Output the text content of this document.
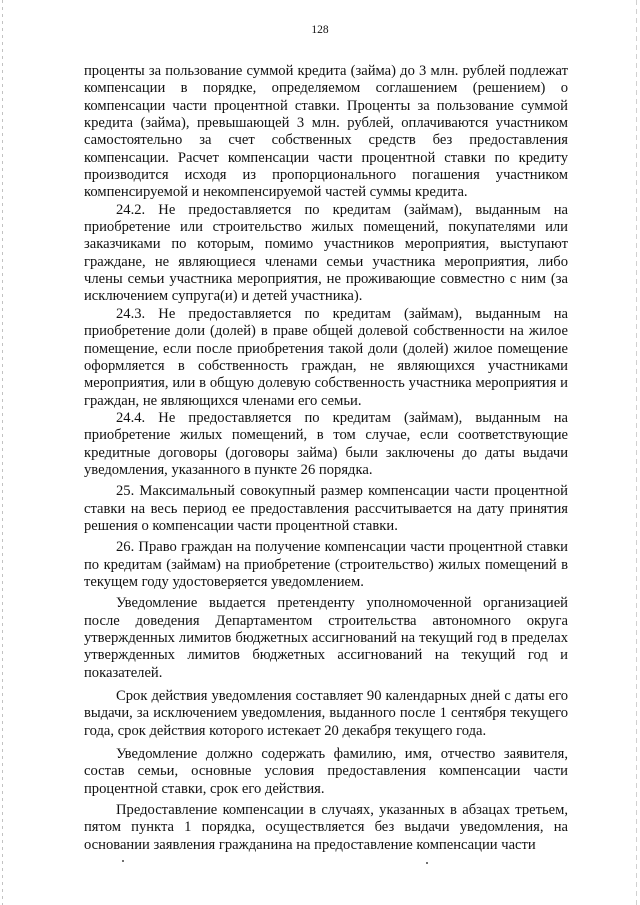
128

проценты за пользование суммой кредита (займа) до 3 млн. рублей подлежат компенсации в порядке, определяемом соглашением (решением) о компенсации части процентной ставки. Проценты за пользование суммой кредита (займа), превышающей 3 млн. рублей, оплачиваются участником самостоятельно за счет собственных средств без предоставления компенсации. Расчет компенсации части процентной ставки по кредиту производится исходя из пропорционального погашения участником компенсируемой и некомпенсируемой частей суммы кредита.

24.2. Не предоставляется по кредитам (займам), выданным на приобретение или строительство жилых помещений, покупателями или заказчиками по которым, помимо участников мероприятия, выступают граждане, не являющиеся членами семьи участника мероприятия, либо члены семьи участника мероприятия, не проживающие совместно с ним (за исключением супруга(и) и детей участника).

24.3. Не предоставляется по кредитам (займам), выданным на приобретение доли (долей) в праве общей долевой собственности на жилое помещение, если после приобретения такой доли (долей) жилое помещение оформляется в собственность граждан, не являющихся участниками мероприятия, или в общую долевую собственность участника мероприятия и граждан, не являющихся членами его семьи.

24.4. Не предоставляется по кредитам (займам), выданным на приобретение жилых помещений, в том случае, если соответствующие кредитные договоры (договоры займа) были заключены до даты выдачи уведомления, указанного в пункте 26 порядка.

25. Максимальный совокупный размер компенсации части процентной ставки на весь период ее предоставления рассчитывается на дату принятия решения о компенсации части процентной ставки.

26. Право граждан на получение компенсации части процентной ставки по кредитам (займам) на приобретение (строительство) жилых помещений в текущем году удостоверяется уведомлением.

Уведомление выдается претенденту уполномоченной организацией после доведения Департаментом строительства автономного округа утвержденных лимитов бюджетных ассигнований на текущий год в пределах утвержденных лимитов бюджетных ассигнований на текущий год и показателей.

Срок действия уведомления составляет 90 календарных дней с даты его выдачи, за исключением уведомления, выданного после 1 сентября текущего года, срок действия которого истекает 20 декабря текущего года.

Уведомление должно содержать фамилию, имя, отчество заявителя, состав семьи, основные условия предоставления компенсации части процентной ставки, срок его действия.

Предоставление компенсации в случаях, указанных в абзацах третьем, пятом пункта 1 порядка, осуществляется без выдачи уведомления, на основании заявления гражданина на предоставление компенсации части
